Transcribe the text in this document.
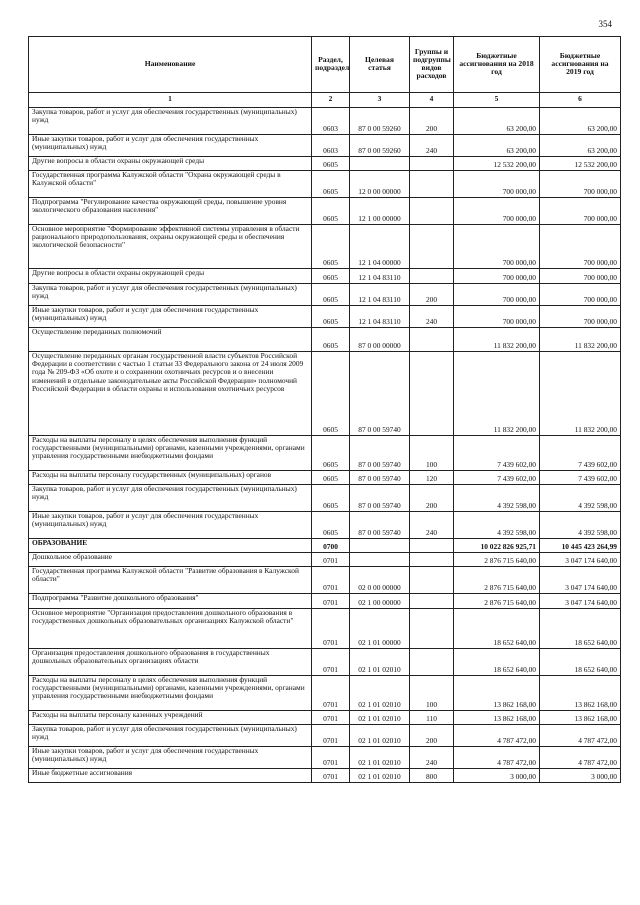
354
Наименование	Раздел, подраздел	Целевая статья	Группы и подгруппы видов расходов	Бюджетные ассигнования на 2018 год	Бюджетные ассигнования на 2019 год
1	2	3	4	5	6
Закупка товаров, работ и услуг для обеспечения государственных (муниципальных) нужд	0603	87 0 00 59260	200	63 200,00	63 200,00
Иные закупки товаров, работ и услуг для обеспечения государственных (муниципальных) нужд	0603	87 0 00 59260	240	63 200,00	63 200,00
Другие вопросы в области охраны окружающей среды	0605			12 532 200,00	12 532 200,00
Государственная программа Калужской области "Охрана окружающей среды в Калужской области"	0605	12 0 00 00000		700 000,00	700 000,00
Подпрограмма "Регулирование качества окружающей среды, повышение уровня экологического образования населения"	0605	12 1 00 00000		700 000,00	700 000,00
Основное мероприятие "Формирование эффективной системы управления в области рационального природопользования, охраны окружающей среды и обеспечения экологической безопасности"	0605	12 1 04 00000		700 000,00	700 000,00
Другие вопросы в области охраны окружающей среды	0605	12 1 04 83110		700 000,00	700 000,00
Закупка товаров, работ и услуг для обеспечения государственных (муниципальных) нужд	0605	12 1 04 83110	200	700 000,00	700 000,00
Иные закупки товаров, работ и услуг для обеспечения государственных (муниципальных) нужд	0605	12 1 04 83110	240	700 000,00	700 000,00
Осуществление переданных полномочий	0605	87 0 00 00000		11 832 200,00	11 832 200,00
Осуществление переданных органам государственной власти субъектов Российской Федерации в соответствии с частью 1 статьи 33 Федерального закона от 24 июля 2009 года № 209-ФЗ «Об охоте и о сохранении охотничьих ресурсов и о внесении изменений в отдельные законодательные акты Российской Федерации» полномочий Российской Федерации в области охраны и использования охотничьих ресурсов	0605	87 0 00 59740		11 832 200,00	11 832 200,00
Расходы на выплаты персоналу в целях обеспечения выполнения функций государственными (муниципальными) органами, казенными учреждениями, органами управления государственными внебюджетными фондами	0605	87 0 00 59740	100	7 439 602,00	7 439 602,00
Расходы на выплаты персоналу государственных (муниципальных) органов	0605	87 0 00 59740	120	7 439 602,00	7 439 602,00
Закупка товаров, работ и услуг для обеспечения государственных (муниципальных) нужд	0605	87 0 00 59740	200	4 392 598,00	4 392 598,00
Иные закупки товаров, работ и услуг для обеспечения государственных (муниципальных) нужд	0605	87 0 00 59740	240	4 392 598,00	4 392 598,00
ОБРАЗОВАНИЕ	0700			10 022 826 925,71	10 445 423 264,99
Дошкольное образование	0701			2 876 715 640,00	3 047 174 640,00
Государственная программа Калужской области "Развитие образования в Калужской области"	0701	02 0 00 00000		2 876 715 640,00	3 047 174 640,00
Подпрограмма "Развитие дошкольного образования"	0701	02 1 00 00000		2 876 715 640,00	3 047 174 640,00
Основное мероприятие "Организация предоставления дошкольного образования в государственных дошкольных образовательных организациях Калужской области"	0701	02 1 01 00000		18 652 640,00	18 652 640,00
Организация предоставления дошкольного образования в государственных дошкольных образовательных организациях области	0701	02 1 01 02010		18 652 640,00	18 652 640,00
Расходы на выплаты персоналу в целях обеспечения выполнения функций государственными (муниципальными) органами, казенными учреждениями, органами управления государственными внебюджетными фондами	0701	02 1 01 02010	100	13 862 168,00	13 862 168,00
Расходы на выплаты персоналу казенных учреждений	0701	02 1 01 02010	110	13 862 168,00	13 862 168,00
Закупка товаров, работ и услуг для обеспечения государственных (муниципальных) нужд	0701	02 1 01 02010	200	4 787 472,00	4 787 472,00
Иные закупки товаров, работ и услуг для обеспечения государственных (муниципальных) нужд	0701	02 1 01 02010	240	4 787 472,00	4 787 472,00
Иные бюджетные ассигнования	0701	02 1 01 02010	800	3 000,00	3 000,00
